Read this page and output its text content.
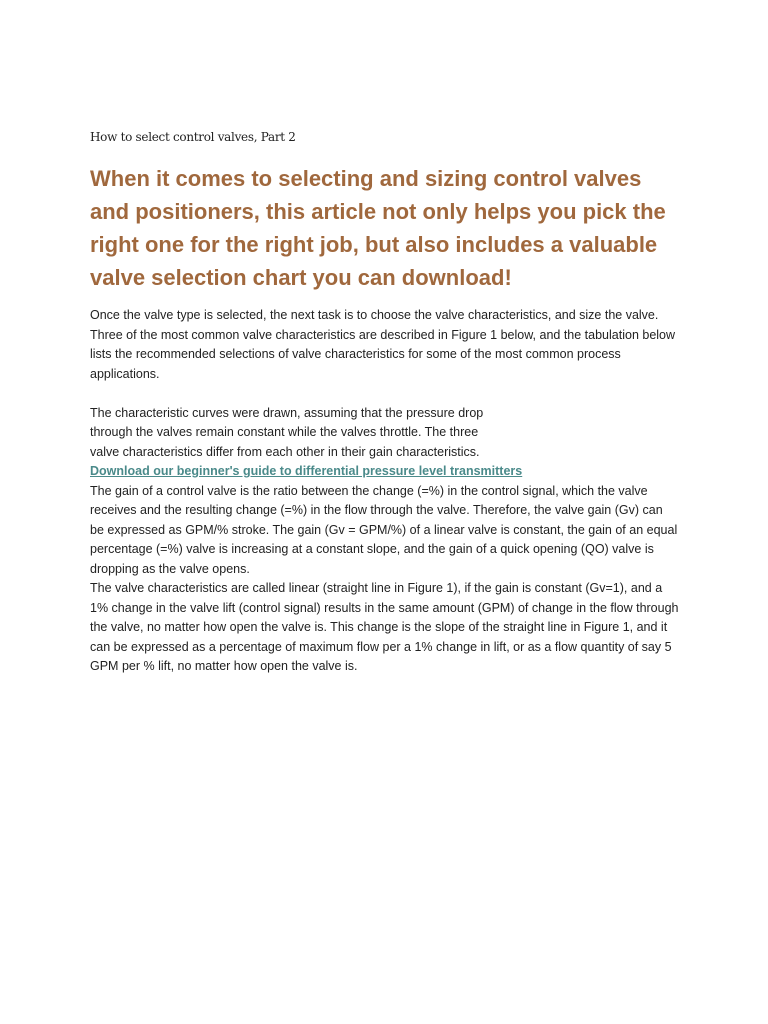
How to select control valves, Part 2

When it comes to selecting and sizing control valves and positioners, this article not only helps you pick the right one for the right job, but also includes a valuable valve selection chart you can download!

Once the valve type is selected, the next task is to choose the valve characteristics, and size the valve. Three of the most common valve characteristics are described in Figure 1 below, and the tabulation below lists the recommended selections of valve characteristics for some of the most common process applications.

The characteristic curves were drawn, assuming that the pressure drop through the valves remain constant while the valves throttle. The three valve characteristics differ from each other in their gain characteristics.

Download our beginner's guide to differential pressure level transmitters

The gain of a control valve is the ratio between the change (=%) in the control signal, which the valve receives and the resulting change (=%) in the flow through the valve. Therefore, the valve gain (Gv) can be expressed as GPM/% stroke. The gain (Gv = GPM/%) of a linear valve is constant, the gain of an equal percentage (=%) valve is increasing at a constant slope, and the gain of a quick opening (QO) valve is dropping as the valve opens.

The valve characteristics are called linear (straight line in Figure 1), if the gain is constant (Gv=1), and a 1% change in the valve lift (control signal) results in the same amount (GPM) of change in the flow through the valve, no matter how open the valve is. This change is the slope of the straight line in Figure 1, and it can be expressed as a percentage of maximum flow per a 1% change in lift, or as a flow quantity of say 5 GPM per % lift, no matter how open the valve is.
